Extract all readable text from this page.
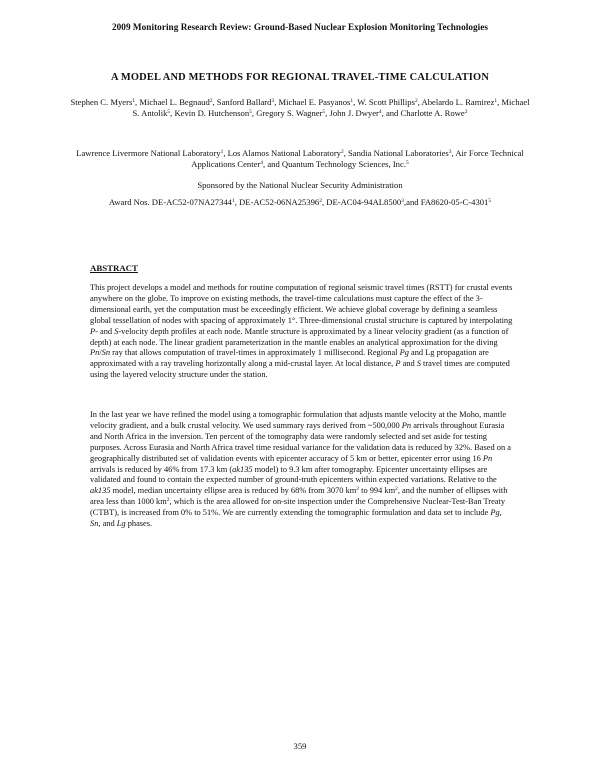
2009 Monitoring Research Review: Ground-Based Nuclear Explosion Monitoring Technologies
A MODEL AND METHODS FOR REGIONAL TRAVEL-TIME CALCULATION
Stephen C. Myers$^1$, Michael L. Begnaud$^2$, Sanford Ballard$^3$, Michael E. Pasyanos$^1$, W. Scott Phillips$^2$, Abelardo L. Ramirez$^1$, Michael S. Antolik$^5$, Kevin D. Hutchenson$^5$, Gregory S. Wagner$^5$, John J. Dwyer$^4$, and Charlotte A. Rowe$^2$
Lawrence Livermore National Laboratory$^1$, Los Alamos National Laboratory$^2$, Sandia National Laboratories$^3$, Air Force Technical Applications Center$^4$, and Quantum Technology Sciences, Inc.$^5$
Sponsored by the National Nuclear Security Administration
Award Nos. DE-AC52-07NA27344$^1$, DE-AC52-06NA25396$^2$, DE-AC04-94AL8500$^3$,and FA8620-05-C-4301$^5$
ABSTRACT
This project develops a model and methods for routine computation of regional seismic travel times (RSTT) for crustal events anywhere on the globe. To improve on existing methods, the travel-time calculations must capture the effect of the 3-dimensional earth, yet the computation must be exceedingly efficient. We achieve global coverage by defining a seamless global tessellation of nodes with spacing of approximately 1°. Three-dimensional crustal structure is captured by interpolating P- and S-velocity depth profiles at each node. Mantle structure is approximated by a linear velocity gradient (as a function of depth) at each node. The linear gradient parameterization in the mantle enables an analytical approximation for the diving Pn/Sn ray that allows computation of travel-times in approximately 1 millisecond. Regional Pg and Lg propagation are approximated with a ray traveling horizontally along a mid-crustal layer. At local distance, P and S travel times are computed using the layered velocity structure under the station.
In the last year we have refined the model using a tomographic formulation that adjusts mantle velocity at the Moho, mantle velocity gradient, and a bulk crustal velocity. We used summary rays derived from ~500,000 Pn arrivals throughout Eurasia and North Africa in the inversion. Ten percent of the tomography data were randomly selected and set aside for testing purposes. Across Eurasia and North Africa travel time residual variance for the validation data is reduced by 32%. Based on a geographically distributed set of validation events with epicenter accuracy of 5 km or better, epicenter error using 16 Pn arrivals is reduced by 46% from 17.3 km (ak135 model) to 9.3 km after tomography. Epicenter uncertainty ellipses are validated and found to contain the expected number of ground-truth epicenters within expected variations. Relative to the ak135 model, median uncertainty ellipse area is reduced by 68% from 3070 $km^2$ to 994 $km^2$, and the number of ellipses with area less than 1000 $km^2$, which is the area allowed for on-site inspection under the Comprehensive Nuclear-Test-Ban Treaty (CTBT), is increased from 0% to 51%. We are currently extending the tomographic formulation and data set to include Pg, Sn, and Lg phases.
359
